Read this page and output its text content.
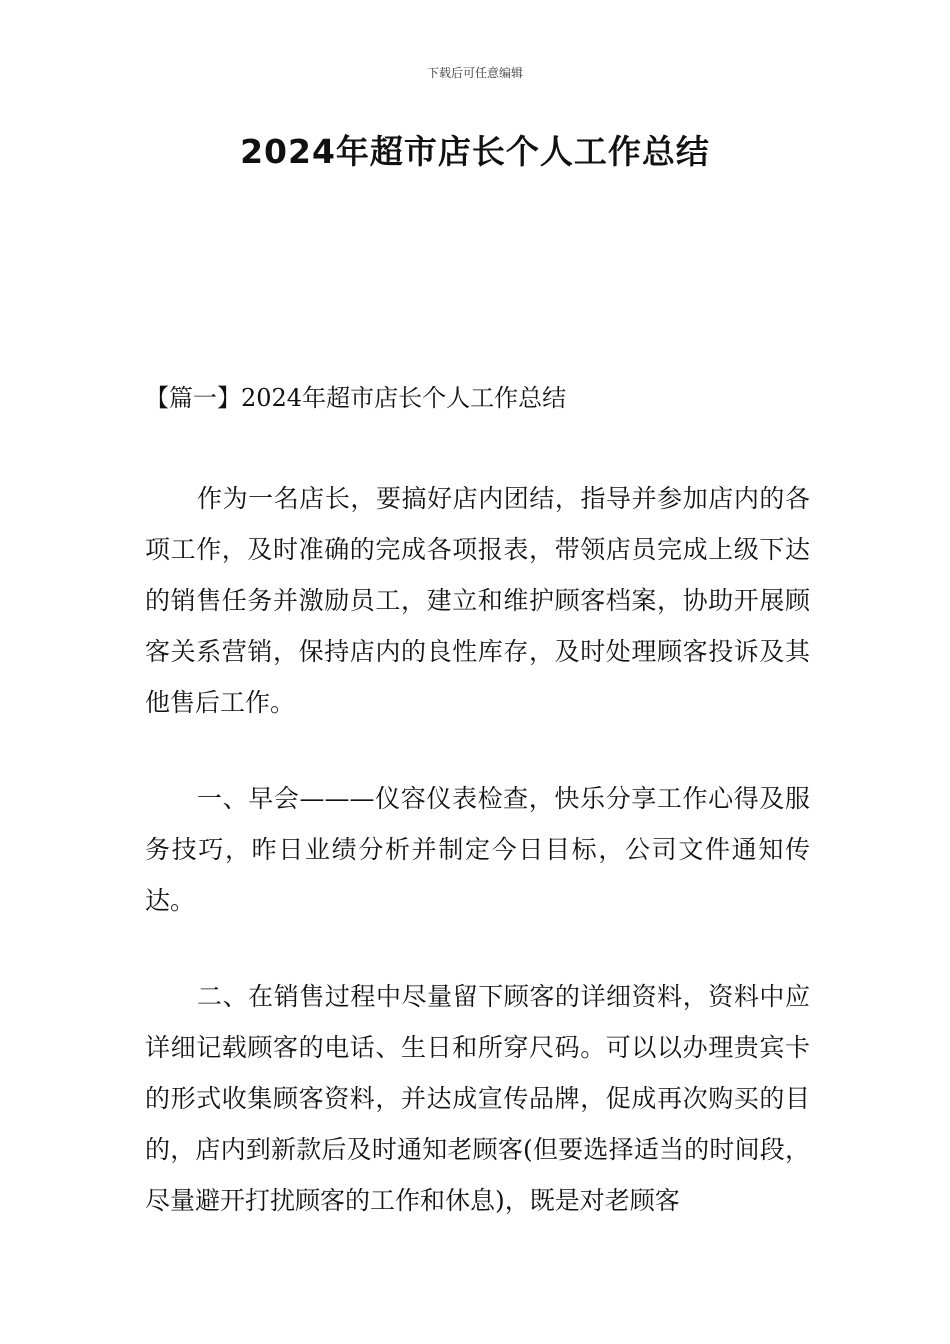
下载后可任意编辑
2024年超市店长个人工作总结
【篇一】2024年超市店长个人工作总结

作为一名店长，要搞好店内团结，指导并参加店内的各项工作，及时准确的完成各项报表，带领店员完成上级下达的销售任务并激励员工，建立和维护顾客档案，协助开展顾客关系营销，保持店内的良性库存，及时处理顾客投诉及其他售后工作。

一、早会———仪容仪表检查，快乐分享工作心得及服务技巧，昨日业绩分析并制定今日目标，公司文件通知传达。

二、在销售过程中尽量留下顾客的详细资料，资料中应详细记载顾客的电话、生日和所穿尺码。可以以办理贵宾卡的形式收集顾客资料，并达成宣传品牌，促成再次购买的目的，店内到新款后及时通知老顾客(但要选择适当的时间段，尽量避开打扰顾客的工作和休息)，既是对老顾客
